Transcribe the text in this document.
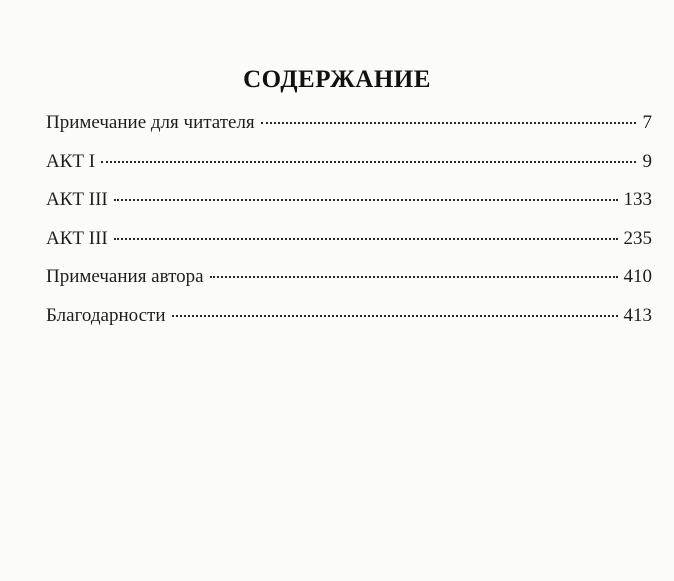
СОДЕРЖАНИЕ
Примечание для читателя	7
АКТ I	9
АКТ III	133
АКТ III	235
Примечания автора	410
Благодарности	413
